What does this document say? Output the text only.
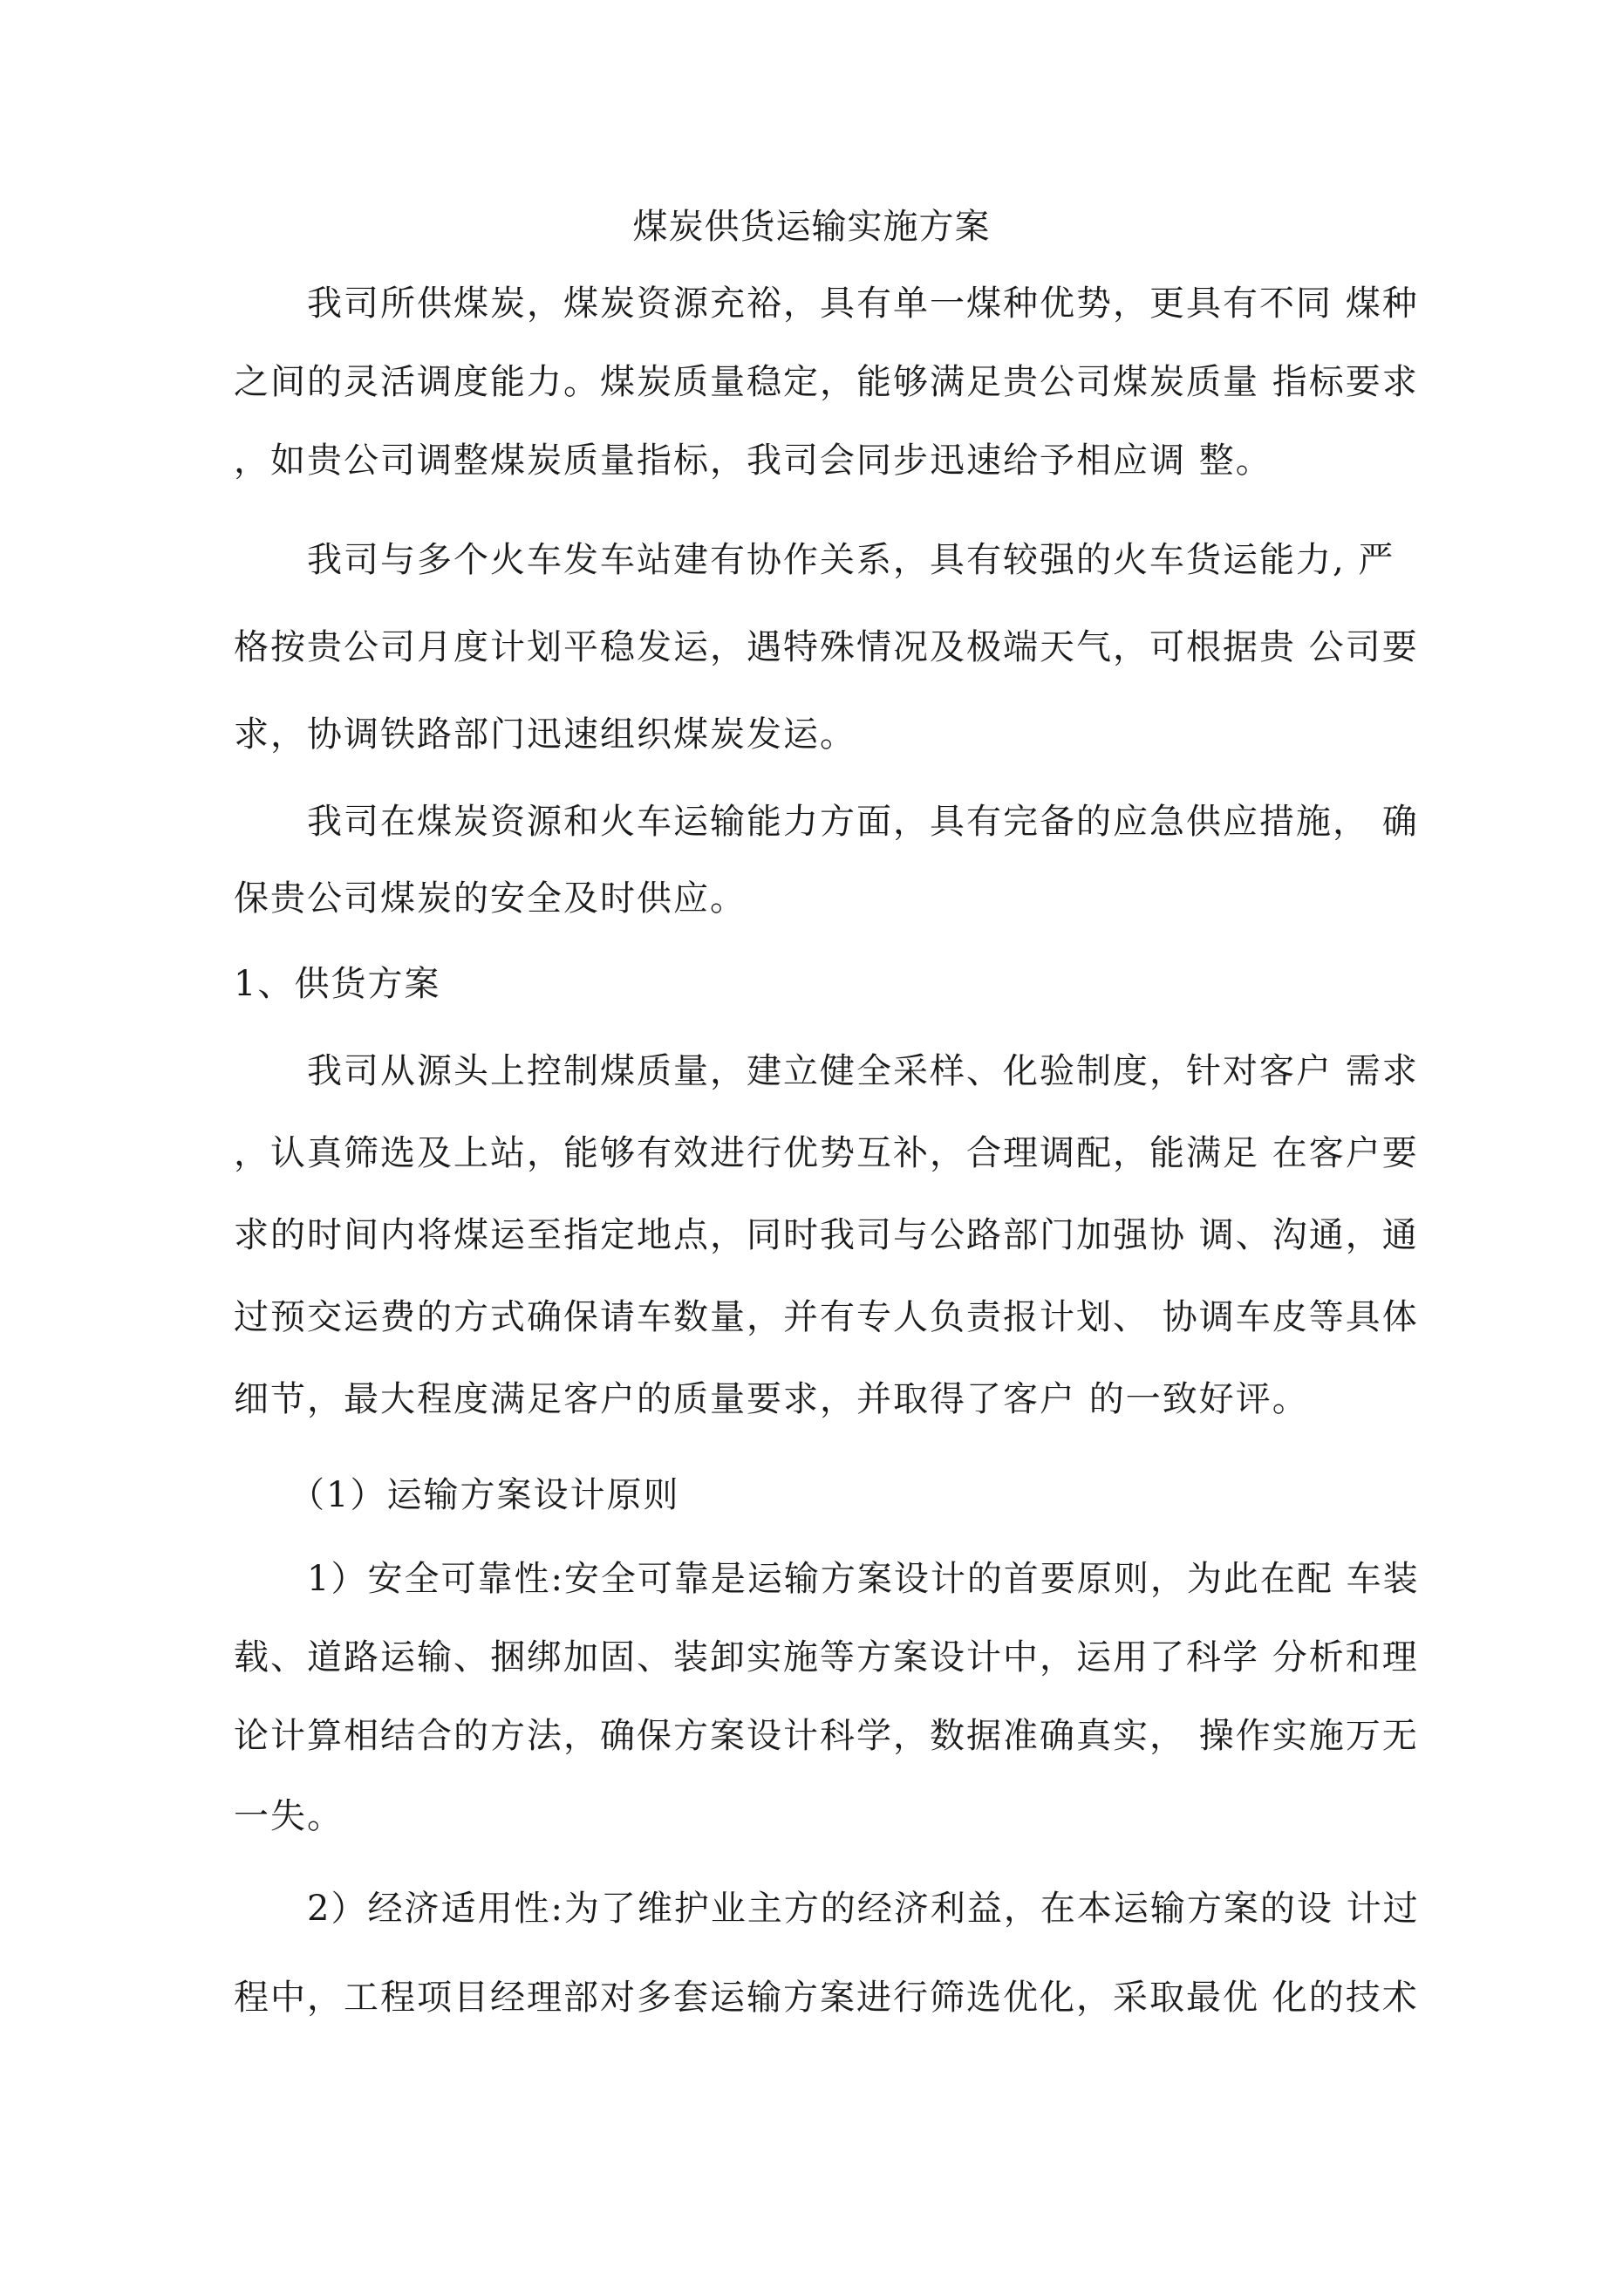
煤炭供货运输实施方案
　　我司所供煤炭，煤炭资源充裕，具有单一煤种优势，更具有不同 煤种
之间的灵活调度能力。煤炭质量稳定，能够满足贵公司煤炭质量 指标要求
，如贵公司调整煤炭质量指标，我司会同步迅速给予相应调 整。
　　我司与多个火车发车站建有协作关系，具有较强的火车货运能力, 严
格按贵公司月度计划平稳发运，遇特殊情况及极端天气，可根据贵 公司要
求，协调铁路部门迅速组织煤炭发运。
　　我司在煤炭资源和火车运输能力方面，具有完备的应急供应措施， 确
保贵公司煤炭的安全及时供应。
1、供货方案
　　我司从源头上控制煤质量，建立健全采样、化验制度，针对客户 需求
，认真筛选及上站，能够有效进行优势互补，合理调配，能满足 在客户要
求的时间内将煤运至指定地点，同时我司与公路部门加强协 调、沟通，通
过预交运费的方式确保请车数量，并有专人负责报计划、 协调车皮等具体
细节，最大程度满足客户的质量要求，并取得了客户 的一致好评。
　　（1）运输方案设计原则
　　1）安全可靠性:安全可靠是运输方案设计的首要原则，为此在配 车装
载、道路运输、捆绑加固、装卸实施等方案设计中，运用了科学 分析和理
论计算相结合的方法，确保方案设计科学，数据准确真实， 操作实施万无
一失。
　　2）经济适用性:为了维护业主方的经济利益，在本运输方案的设 计过
程中，工程项目经理部对多套运输方案进行筛选优化，采取最优 化的技术
